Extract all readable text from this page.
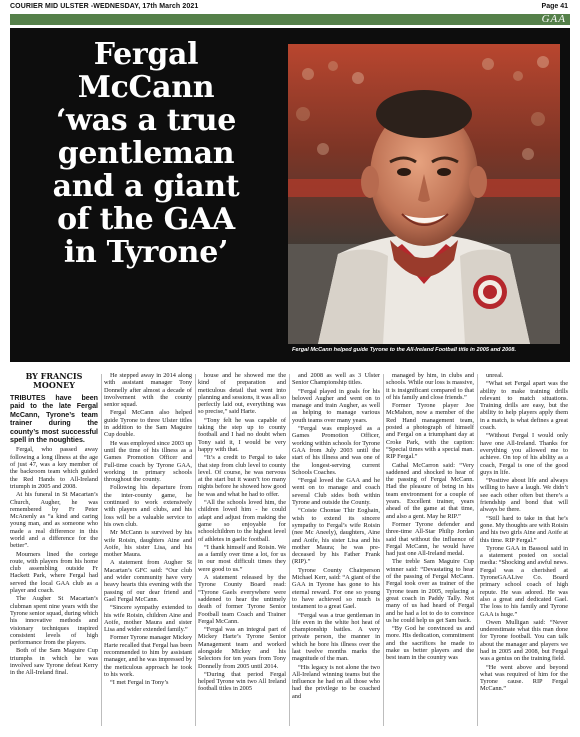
COURIER MID ULSTER -WEDNESDAY, 17th March 2021	Page 41
GAA
Fergal
McCann
‘was a true
gentleman
and a giant
of the GAA
in Tyrone’
Fergal McCann helped guide Tyrone to the All-Ireland Football title in 2005 and 2008.
BY FRANCIS
MOONEY
TRIBUTES have been paid to the late Fergal McCann, Tyrone’s team trainer during the county’s most successful spell in the noughties.

Fergal, who passed away following a long illness at the age of just 47, was a key member of the backroom team which guided the Red Hands to All-Ireland triumph in 2005 and 2008.

At his funeral in St Macartan’s Church, Augher, he was remembered by Fr Peter McAnenly as “a kind and caring young man, and as someone who made a real difference in this world and a difference for the better”.

Mourners lined the cortege route, with players from his home club assembling outside Fr Hackett Park, where Fergal had served the local GAA club as a player and coach.

The Augher St Macartan’s clubman spent nine years with the Tyrone senior squad, during which his innovative methods and visionary techniques inspired consistent levels of high performance from the players.

Both of the Sam Maguire Cup triumphs in which he was involved saw Tyrone defeat Kerry in the All-Ireland final.

He stepped away in 2014 along with assistant manager Tony Donnelly after almost a decade of involvement with the county senior squad.

Fergal McCann also helped guide Tyrone to three Ulster titles in addition to the Sam Maguire Cup double.

He was employed since 2003 up until the time of his illness as a Games Promotion Officer and Full-time coach by Tyrone GAA, working in primary schools throughout the county.

Following his departure from the inter-county game, he continued to work extensively with players and clubs, and his loss will be a valuable service to his own club.

Mr McCann is survived by his wife Roisin, daughters Aine and Aoife, his sister Lisa, and his mother Maura.

A statement from Augher St Macartan’s GFC said: “Our club and wider community have very heavy hearts this evening with the passing of our dear friend and Gael Fergal McCann.

“Sincere sympathy extended to his wife Roisin, children Aine and Aoife, mother Maura and sister Lisa and wider extended family.”

Former Tyrone manager Mickey Harte recalled that Fergal has been recommended to him by assistant manager, and he was impressed by the meticulous approach he took to his work.

“I met Fergal in Tony’s

house and he showed me the kind of preparation and meticulous detail that went into planning and sessions, it was all so perfectly laid out, everything was so precise,” said Harte.

“Tony felt he was capable of taking the step up to county football and I had no doubt when Tony said it, I would be very happy with that.

“It’s a credit to Fergal to take that step from club level to county level. Of course, he was nervous at the start but it wasn’t too many nights before he showed how good he was and what he had to offer.

“All the schools loved him, the children loved him - he could adapt and adjust from making the game so enjoyable for schoolchildren to the highest level of athletes in gaelic football.

“I thank himself and Roisin. We as a family over time a lot, for us in our most difficult times they were good to us.”

A statement released by the Tyrone County Board read: “Tyrone Gaels everywhere were saddened to hear the untimely death of former Tyrone Senior Football team Coach and Trainer Fergal McCann.

“Fergal was an integral part of Mickey Harte’s Tyrone Senior Management team and worked alongside Mickey and his Selectors for ten years from Tony Donnelly from 2005 until 2014.

“During that period Fergal helped Tyrone win two All Ireland football titles in 2005

and 2008 as well as 3 Ulster Senior Championship titles.

“Fergal played in goals for his beloved Augher and went on to manage and train Augher, as well as helping to manage various youth teams over many years.

“Fergal was employed as a Games Promotion Officer, working within schools for Tyrone GAA from July 2003 until the start of his illness and was one of the longest-serving current Schools Coaches.

“Fergal loved the GAA and he went on to manage and coach several Club sides both within Tyrone and outside the County.

“Coiste Chontae Thir Eoghain, wish to extend its sincere sympathy to Fergal’s wife Roisin (nee Mc Aneely), daughters, Aine and Aoife, his sister Lisa and his mother Maura; he was pre-deceased by his Father Frank (RIP).”

Tyrone County Chairperson Michael Kerr, said: “A giant of the GAA in Tyrone has gone to his eternal reward. For one so young to have achieved so much is testament to a great Gael.

“Fergal was a true gentleman in life even in the white hot heat of championship battles. A very private person, the manner in which he bore his illness over the last twelve months marks the magnitude of the man.

“His legacy is not alone the two All-Ireland winning teams but the influence he had on all those who had the privilege to be coached and

managed by him, in clubs and schools. While our loss is massive, it is insignificant compared to that of his family and close friends.”

Former Tyrone player Joe McMahon, now a member of the Red Hand management team, posted a photograph of himself and Fergal on a triumphant day at Croke Park, with the caption: “Special times with a special man. RIP Fergal.”

Cathal McCarron said: “Very saddened and shocked to hear of the passing of Fergal McCann. Had the pleasure of being in his team environment for a couple of years. Excellent trainer, years ahead of the game at that time, and also a gent. May he RIP.”

Former Tyrone defender and three-time All-Star Philip Jordan said that without the influence of Fergal McCann, he would have had just one All-Ireland medal.

The treble Sam Maguire Cup winner said: “Devastating to hear of the passing of Fergal McCann. Fergal took over as trainer of the Tyrone team in 2005, replacing a great coach in Paddy Tally. Not many of us had heard of Fergal and he had a lot to do to convince us he could help us get Sam back.

“By God he convinced us and more. His dedication, commitment and the sacrifices he made to make us better players and the best team in the country was

unreal.

“What set Fergal apart was the ability to make training drills relevant to match situations. Training drills are easy, but the ability to help players apply them in a match, is what defines a great coach.

“Without Fergal I would only have one All-Ireland. Thanks for everything you allowed me to achieve. On top of his ability as a coach, Fergal is one of the good guys in life.

“Positive about life and always willing to have a laugh. We didn’t see each other often but there’s a friendship and bond that will always be there.

“Still hard to take in that he’s gone. My thoughts are with Roisin and his two girls Aine and Aoife at this time. RIP Fergal.”

Tyrone GAA in Bassoul said in a statement posted on social media: “Shocking and awful news. Fergal was a cherished at TyroneGAALive Co. Board primary school coach of high repute. He was adored. He was also a great and dedicated Gael. The loss to his family and Tyrone GAA is huge.”

Owen Mulligan said: “Never underestimate what this man done for Tyrone football. You can talk about the manager and players we had in 2005 and 2008, but Fergal was a genius on the training field.

“He went above and beyond what was required of him for the Tyrone cause. RIP Fergal McCann.”
